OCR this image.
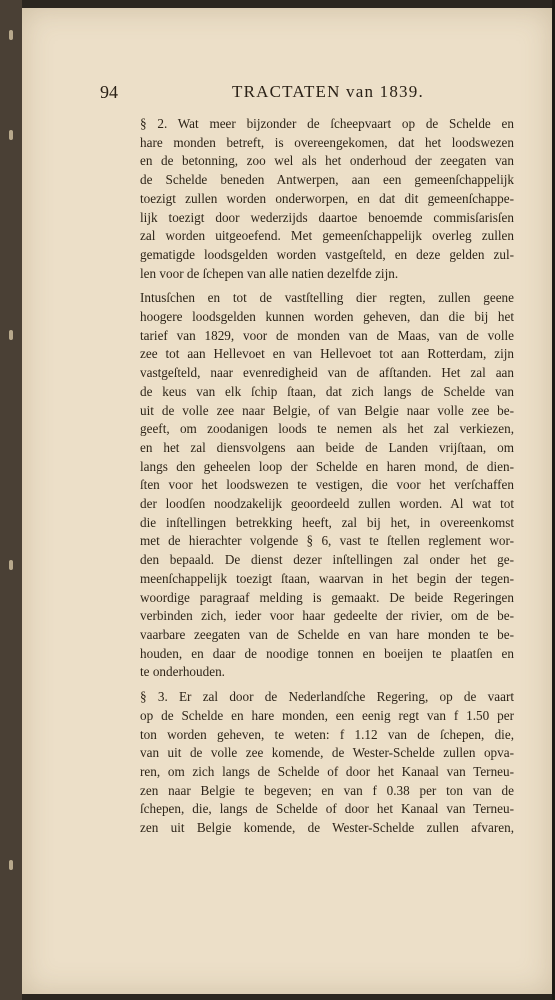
94	TRACTATEN van 1839.

§ 2. Wat meer bijzonder de ſcheepvaart op de Schelde en
hare monden betreft, is overeengekomen, dat het loodswezen
en de betonning, zoo wel als het onderhoud der zeegaten van
de Schelde beneden Antwerpen, aan een gemeenſchappelijk
toezigt zullen worden onderworpen, en dat dit gemeenſchappe-
lijk toezigt door wederzijds daartoe benoemde commisſarisſen
zal worden uitgeoefend. Met gemeenſchappelijk overleg zullen
gematigde loodsgelden worden vastgeſteld, en deze gelden zul-
len voor de ſchepen van alle natien dezelfde zijn.

Intusſchen en tot de vastſtelling dier regten, zullen geene
hoogere loodsgelden kunnen worden geheven, dan die bij het
tarief van 1829, voor de monden van de Maas, van de volle
zee tot aan Hellevoet en van Hellevoet tot aan Rotterdam, zijn
vastgeſteld, naar evenredigheid van de afſtanden. Het zal aan
de keus van elk ſchip ſtaan, dat zich langs de Schelde van
uit de volle zee naar Belgie, of van Belgie naar volle zee be-
geeft, om zoodanigen loods te nemen als het zal verkiezen,
en het zal diensvolgens aan beide de Landen vrijſtaan, om
langs den geheelen loop der Schelde en haren mond, de dien-
ſten voor het loodswezen te vestigen, die voor het verſchaffen
der loodſen noodzakelijk geoordeeld zullen worden. Al wat tot
die inſtellingen betrekking heeft, zal bij het, in overeenkomst
met de hierachter volgende § 6, vast te ſtellen reglement wor-
den bepaald. De dienst dezer inſtellingen zal onder het ge-
meenſchappelijk toezigt ſtaan, waarvan in het begin der tegen-
woordige paragraaf melding is gemaakt. De beide Regeringen
verbinden zich, ieder voor haar gedeelte der rivier, om de be-
vaarbare zeegaten van de Schelde en van hare monden te be-
houden, en daar de noodige tonnen en boeijen te plaatſen en
te onderhouden.

§ 3. Er zal door de Nederlandſche Regering, op de vaart
op de Schelde en hare monden, een eenig regt van f 1.50 per
ton worden geheven, te weten: f 1.12 van de ſchepen, die,
van uit de volle zee komende, de Wester-Schelde zullen opva-
ren, om zich langs de Schelde of door het Kanaal van Terneu-
zen naar Belgie te begeven; en van f 0.38 per ton van de
ſchepen, die, langs de Schelde of door het Kanaal van Terneu-
zen uit Belgie komende, de Wester-Schelde zullen afvaren,
